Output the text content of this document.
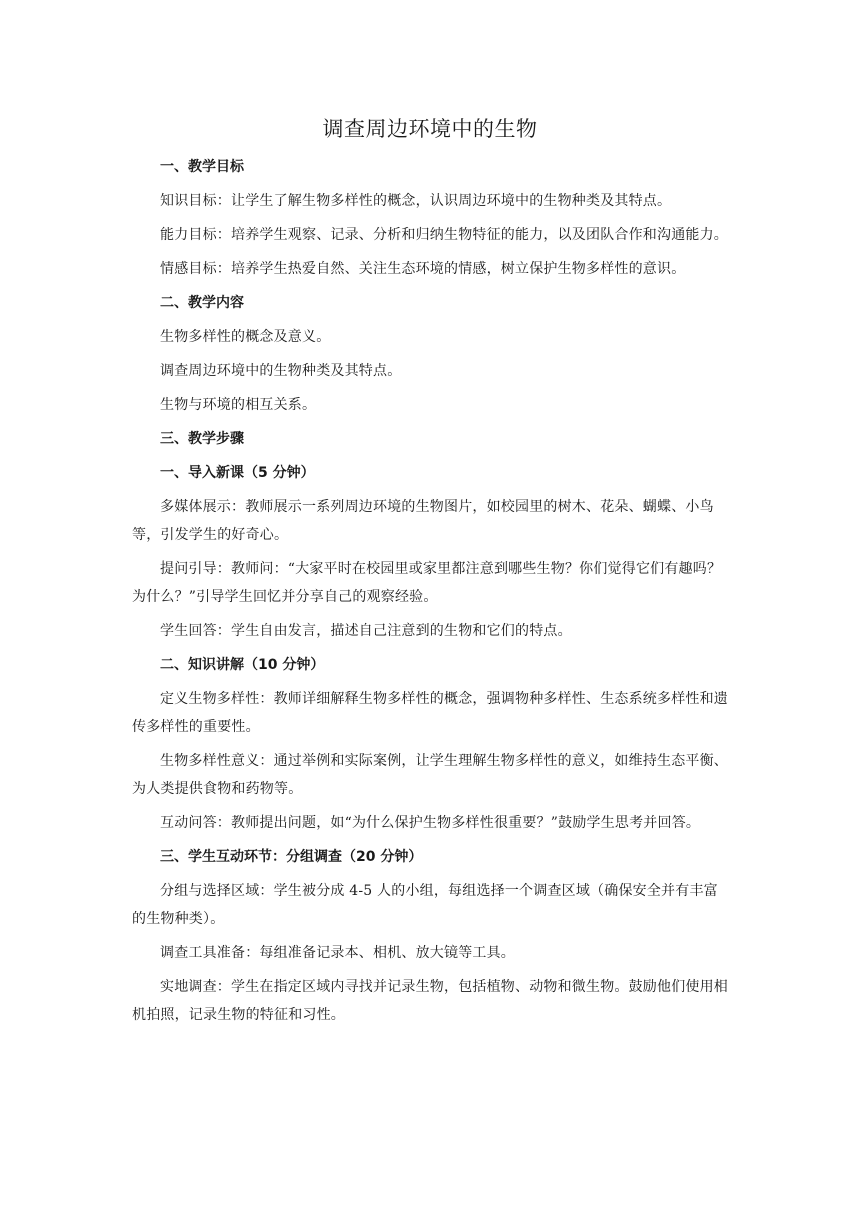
调查周边环境中的生物
一、教学目标
知识目标：让学生了解生物多样性的概念，认识周边环境中的生物种类及其特点。
能力目标：培养学生观察、记录、分析和归纳生物特征的能力，以及团队合作和沟通能力。
情感目标：培养学生热爱自然、关注生态环境的情感，树立保护生物多样性的意识。
二、教学内容
生物多样性的概念及意义。
调查周边环境中的生物种类及其特点。
生物与环境的相互关系。
三、教学步骤
一、导入新课（5 分钟）
多媒体展示：教师展示一系列周边环境的生物图片，如校园里的树木、花朵、蝴蝶、小鸟等，引发学生的好奇心。
提问引导：教师问：“大家平时在校园里或家里都注意到哪些生物？你们觉得它们有趣吗？为什么？”引导学生回忆并分享自己的观察经验。
学生回答：学生自由发言，描述自己注意到的生物和它们的特点。
二、知识讲解（10 分钟）
定义生物多样性：教师详细解释生物多样性的概念，强调物种多样性、生态系统多样性和遗传多样性的重要性。
生物多样性意义：通过举例和实际案例，让学生理解生物多样性的意义，如维持生态平衡、为人类提供食物和药物等。
互动问答：教师提出问题，如“为什么保护生物多样性很重要？”鼓励学生思考并回答。
三、学生互动环节：分组调查（20 分钟）
分组与选择区域：学生被分成 4-5 人的小组，每组选择一个调查区域（确保安全并有丰富的生物种类）。
调查工具准备：每组准备记录本、相机、放大镜等工具。
实地调查：学生在指定区域内寻找并记录生物，包括植物、动物和微生物。鼓励他们使用相机拍照，记录生物的特征和习性。
